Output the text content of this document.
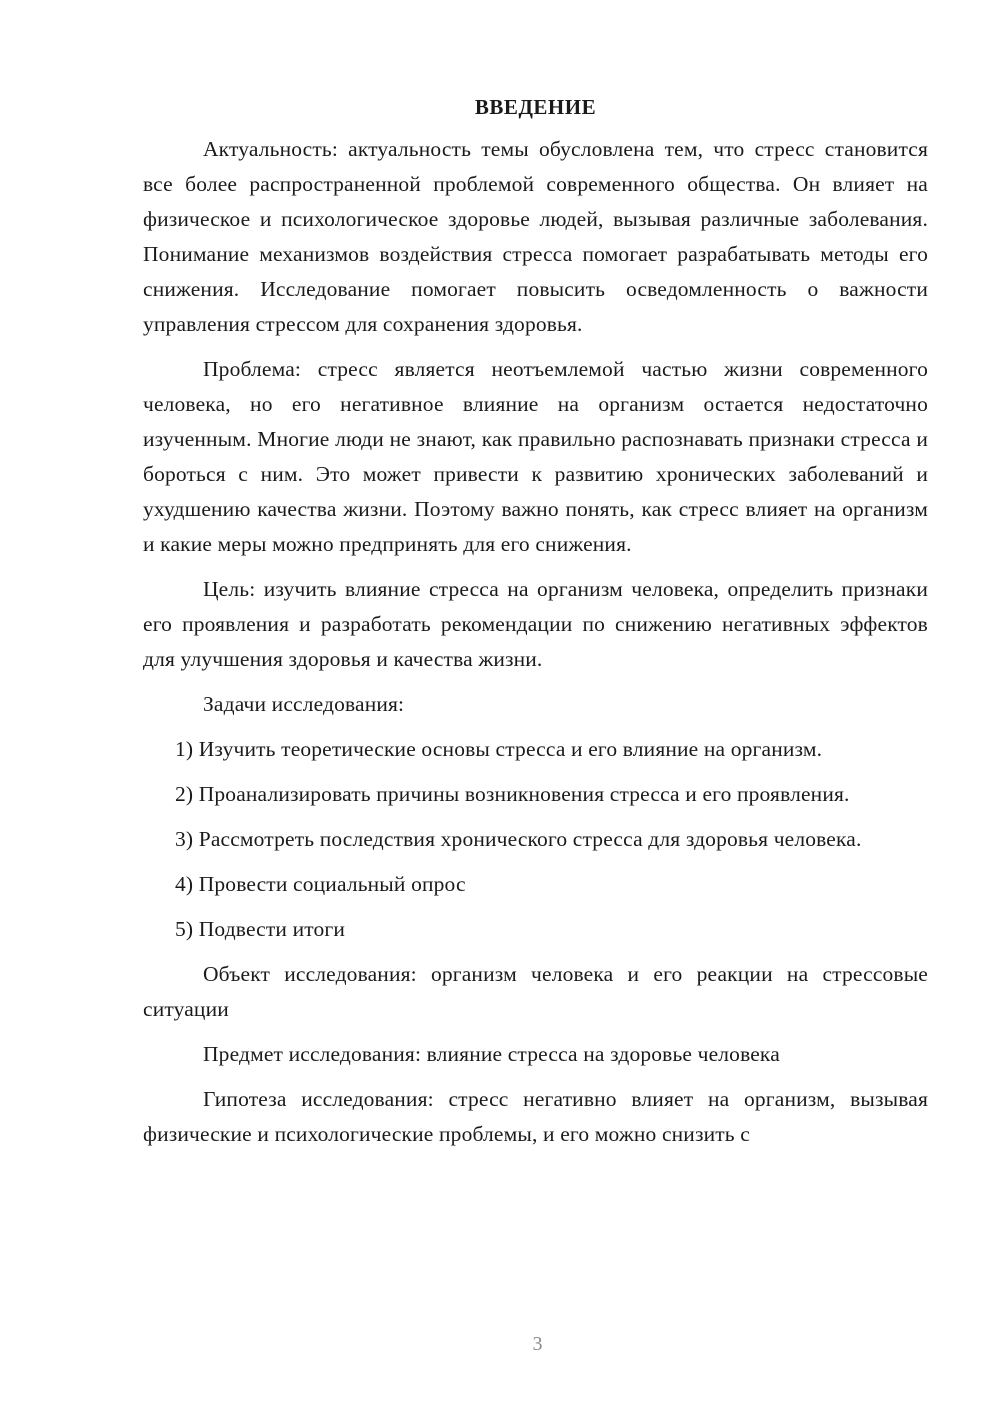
ВВЕДЕНИЕ

Актуальность: актуальность темы обусловлена тем, что стресс становится все более распространенной проблемой современного общества. Он влияет на физическое и психологическое здоровье людей, вызывая различные заболевания. Понимание механизмов воздействия стресса помогает разрабатывать методы его снижения. Исследование помогает повысить осведомленность о важности управления стрессом для сохранения здоровья.

Проблема: стресс является неотъемлемой частью жизни современного человека, но его негативное влияние на организм остается недостаточно изученным. Многие люди не знают, как правильно распознавать признаки стресса и бороться с ним. Это может привести к развитию хронических заболеваний и ухудшению качества жизни. Поэтому важно понять, как стресс влияет на организм и какие меры можно предпринять для его снижения.

Цель: изучить влияние стресса на организм человека, определить признаки его проявления и разработать рекомендации по снижению негативных эффектов для улучшения здоровья и качества жизни.

Задачи исследования:

1) Изучить теоретические основы стресса и его влияние на организм.

2) Проанализировать причины возникновения стресса и его проявления.

3) Рассмотреть последствия хронического стресса для здоровья человека.

4) Провести социальный опрос

5) Подвести итоги

Объект исследования: организм человека и его реакции на стрессовые ситуации

Предмет исследования: влияние стресса на здоровье человека

Гипотеза исследования: стресс негативно влияет на организм, вызывая физические и психологические проблемы, и его можно снизить с

3
